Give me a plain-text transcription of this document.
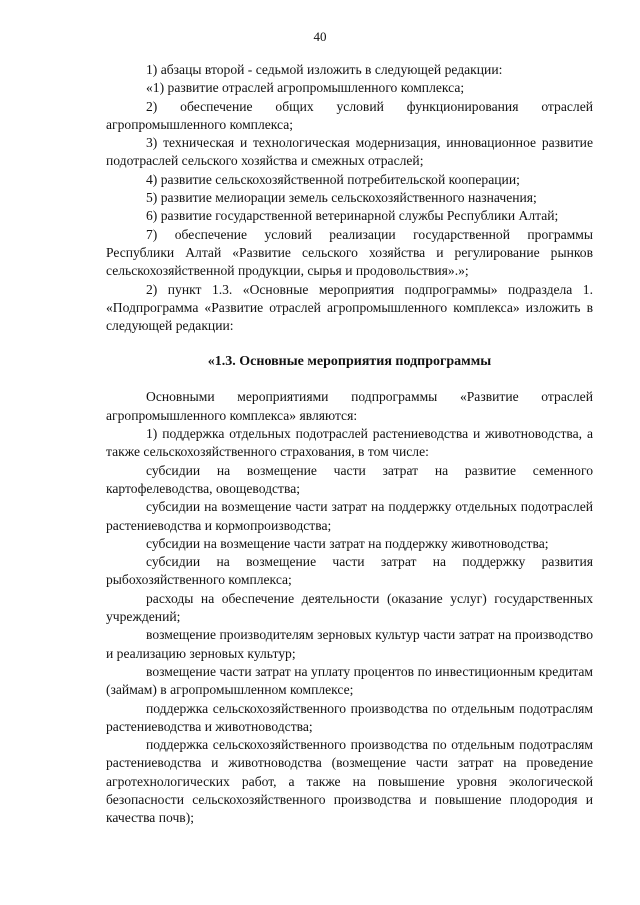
40

1) абзацы второй - седьмой изложить в следующей редакции:

«1) развитие отраслей агропромышленного комплекса;

2) обеспечение общих условий функционирования отраслей агропромышленного комплекса;

3) техническая и технологическая модернизация, инновационное развитие подотраслей сельского хозяйства и смежных отраслей;

4) развитие сельскохозяйственной потребительской кооперации;

5) развитие мелиорации земель сельскохозяйственного назначения;

6) развитие государственной ветеринарной службы Республики Алтай;

7) обеспечение условий реализации государственной программы Республики Алтай «Развитие сельского хозяйства и регулирование рынков сельскохозяйственной продукции, сырья и продовольствия».»;

2) пункт 1.3. «Основные мероприятия подпрограммы» подраздела 1. «Подпрограмма «Развитие отраслей агропромышленного комплекса» изложить в следующей редакции:

«1.3. Основные мероприятия подпрограммы

Основными мероприятиями подпрограммы «Развитие отраслей агропромышленного комплекса» являются:

1) поддержка отдельных подотраслей растениеводства и животноводства, а также сельскохозяйственного страхования, в том числе:

субсидии на возмещение части затрат на развитие семенного картофелеводства, овощеводства;

субсидии на возмещение части затрат на поддержку отдельных подотраслей растениеводства и кормопроизводства;

субсидии на возмещение части затрат на поддержку животноводства;

субсидии на возмещение части затрат на поддержку развития рыбохозяйственного комплекса;

расходы на обеспечение деятельности (оказание услуг) государственных учреждений;

возмещение производителям зерновых культур части затрат на производство и реализацию зерновых культур;

возмещение части затрат на уплату процентов по инвестиционным кредитам (займам) в агропромышленном комплексе;

поддержка сельскохозяйственного производства по отдельным подотраслям растениеводства и животноводства;

поддержка сельскохозяйственного производства по отдельным подотраслям растениеводства и животноводства (возмещение части затрат на проведение агротехнологических работ, а также на повышение уровня экологической безопасности сельскохозяйственного производства и повышение плодородия и качества почв);
